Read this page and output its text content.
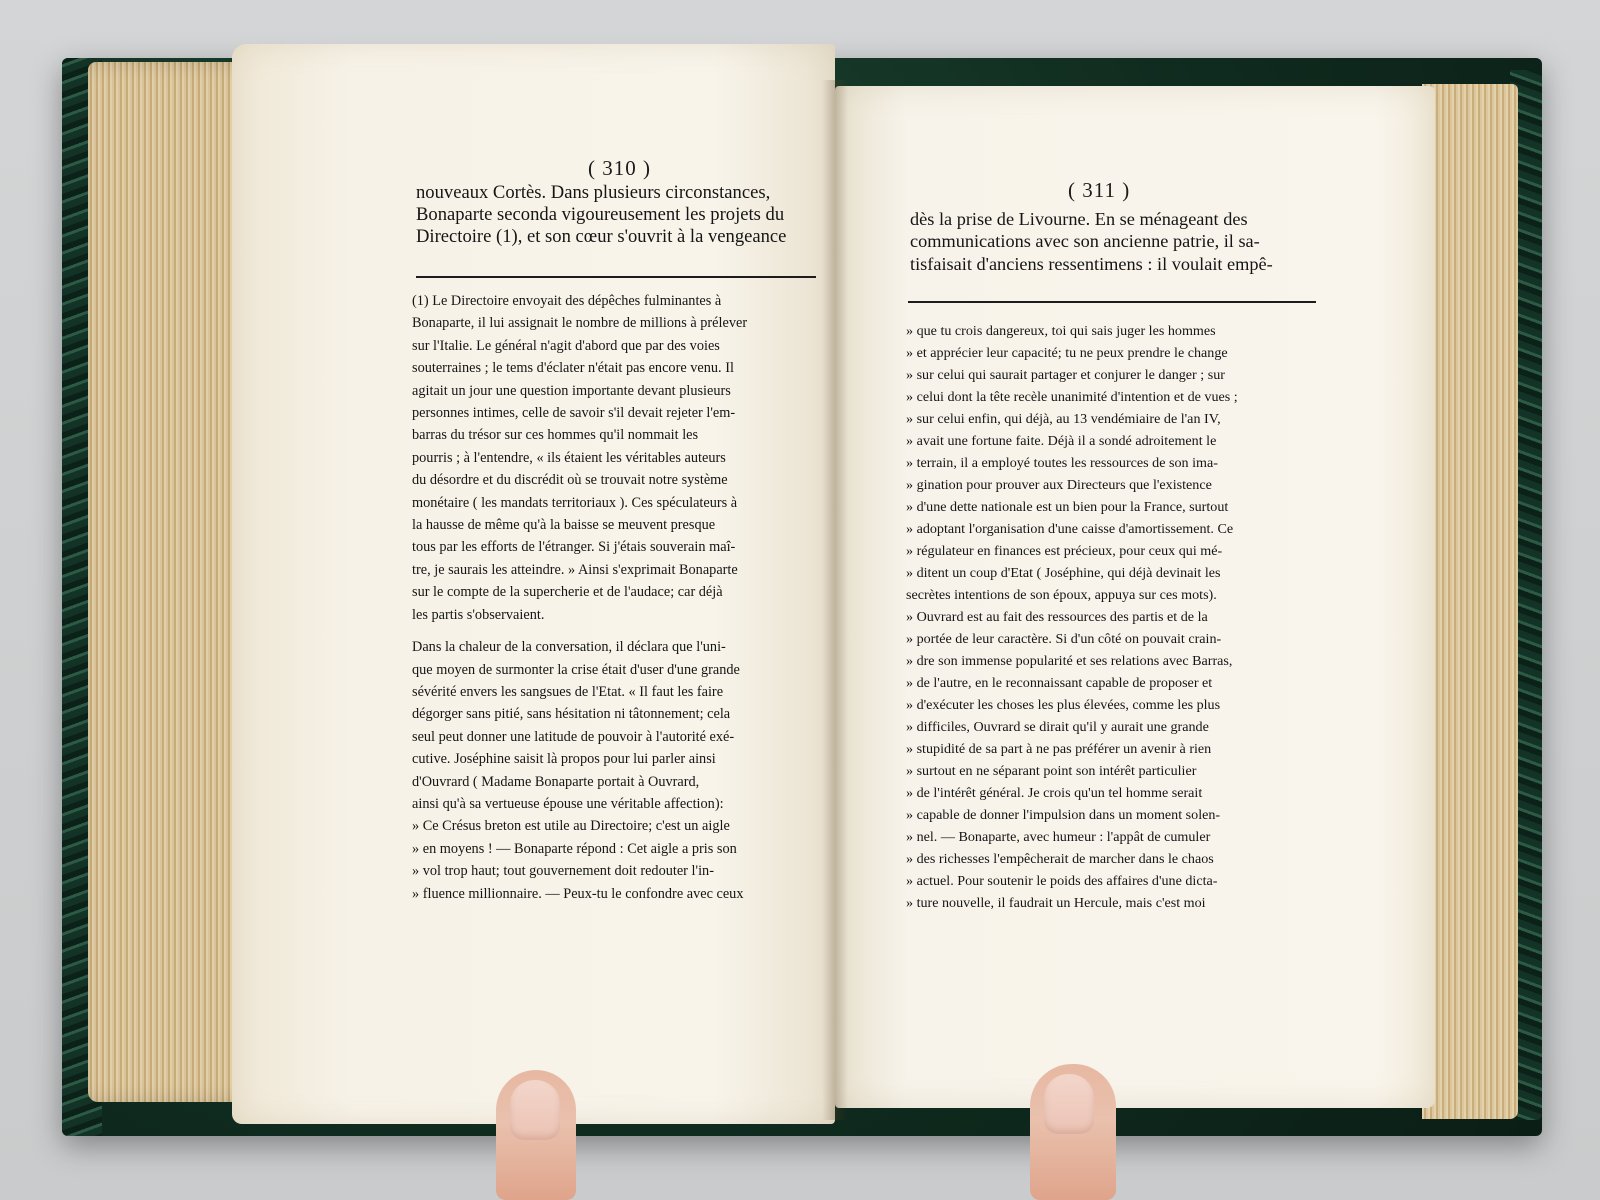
( 310 )
nouveaux Cortès. Dans plusieurs circonstances,
Bonaparte seconda vigoureusement les projets du
Directoire (1), et son cœur s'ouvrit à la vengeance
(1) Le Directoire envoyait des dépêches fulminantes à
Bonaparte, il lui assignait le nombre de millions à prélever
sur l'Italie. Le général n'agit d'abord que par des voies
souterraines ; le tems d'éclater n'était pas encore venu. Il
agitait un jour une question importante devant plusieurs
personnes intimes, celle de savoir s'il devait rejeter l'em-
barras du trésor sur ces hommes qu'il nommait les
pourris ; à l'entendre, « ils étaient les véritables auteurs
du désordre et du discrédit où se trouvait notre système
monétaire ( les mandats territoriaux ). Ces spéculateurs à
la hausse de même qu'à la baisse se meuvent presque
tous par les efforts de l'étranger. Si j'étais souverain maî-
tre, je saurais les atteindre. » Ainsi s'exprimait Bonaparte
sur le compte de la supercherie et de l'audace; car déjà
les partis s'observaient.
Dans la chaleur de la conversation, il déclara que l'uni-
que moyen de surmonter la crise était d'user d'une grande
sévérité envers les sangsues de l'Etat. « Il faut les faire
dégorger sans pitié, sans hésitation ni tâtonnement; cela
seul peut donner une latitude de pouvoir à l'autorité exé-
cutive. Joséphine saisit là propos pour lui parler ainsi
d'Ouvrard ( Madame Bonaparte portait à Ouvrard,
ainsi qu'à sa vertueuse épouse une véritable affection):
» Ce Crésus breton est utile au Directoire; c'est un aigle
» en moyens ! — Bonaparte répond : Cet aigle a pris son
» vol trop haut; tout gouvernement doit redouter l'in-
» fluence millionnaire. — Peux-tu le confondre avec ceux
( 311 )
dès la prise de Livourne. En se ménageant des
communications avec son ancienne patrie, il sa-
tisfaisait d'anciens ressentimens : il voulait empê-
» que tu crois dangereux, toi qui sais juger les hommes
» et apprécier leur capacité; tu ne peux prendre le change
» sur celui qui saurait partager et conjurer le danger ; sur
» celui dont la tête recèle unanimité d'intention et de vues ;
» sur celui enfin, qui déjà, au 13 vendémiaire de l'an IV,
» avait une fortune faite. Déjà il a sondé adroitement le
» terrain, il a employé toutes les ressources de son ima-
» gination pour prouver aux Directeurs que l'existence
» d'une dette nationale est un bien pour la France, surtout
» adoptant l'organisation d'une caisse d'amortissement. Ce
» régulateur en finances est précieux, pour ceux qui mé-
» ditent un coup d'Etat ( Joséphine, qui déjà devinait les
secrètes intentions de son époux, appuya sur ces mots).
» Ouvrard est au fait des ressources des partis et de la
» portée de leur caractère. Si d'un côté on pouvait crain-
» dre son immense popularité et ses relations avec Barras,
» de l'autre, en le reconnaissant capable de proposer et
» d'exécuter les choses les plus élevées, comme les plus
» difficiles, Ouvrard se dirait qu'il y aurait une grande
» stupidité de sa part à ne pas préférer un avenir à rien
» surtout en ne séparant point son intérêt particulier
» de l'intérêt général. Je crois qu'un tel homme serait
» capable de donner l'impulsion dans un moment solen-
» nel. — Bonaparte, avec humeur : l'appât de cumuler
» des richesses l'empêcherait de marcher dans le chaos
» actuel. Pour soutenir le poids des affaires d'une dicta-
» ture nouvelle, il faudrait un Hercule, mais c'est moi
